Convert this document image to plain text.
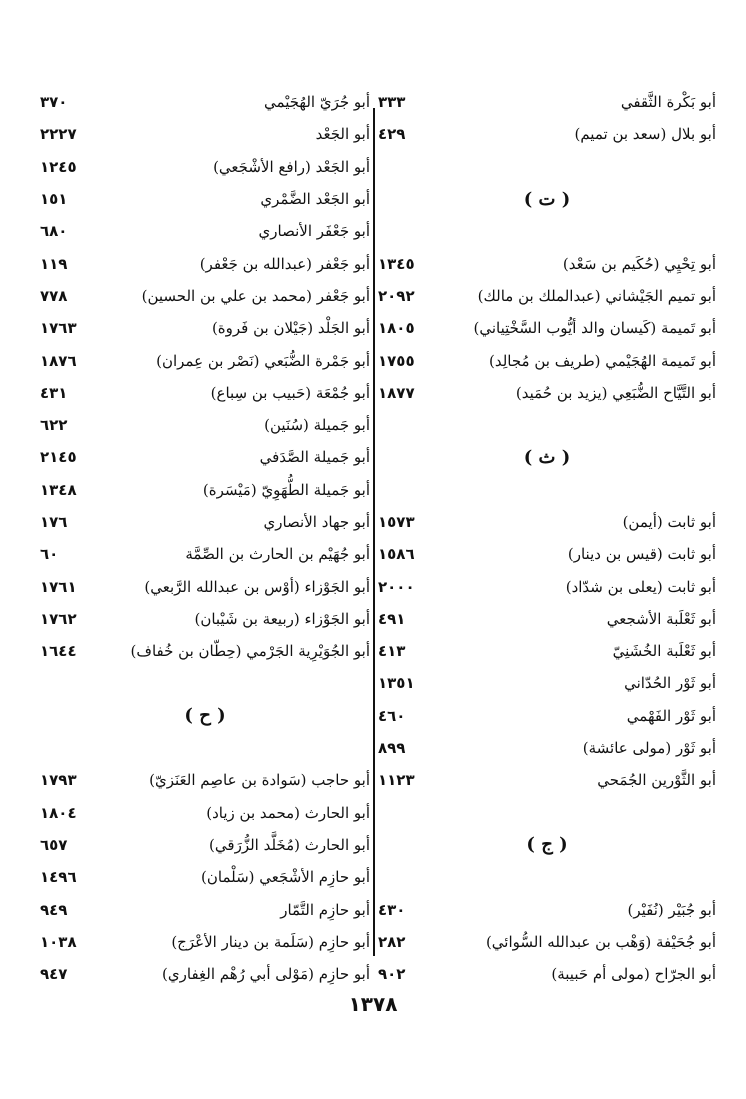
أبو بَكْرة الثَّقفي
٣٣٣
أبو بلال (سعد بن تميم)
٤٢٩
( ت )
أبو تِحْيِي (حُكَيم بن سَعْد)
١٣٤٥
أبو تميم الجَيْشاني (عبدالملك بن مالك)
٢٠٩٢
أبو تَميمة (كَيسان والد أيُّوب السَّخْتِياني)
١٨٠٥
أبو تَميمة الهُجَيْمي (طريف بن مُجالِد)
١٧٥٥
أبو التَّيَّاح الضُّبَعِي (يزيد بن حُمَيد)
١٨٧٧
( ث )
أبو ثابت (أيمن)
١٥٧٣
أبو ثابت (قيس بن دينار)
١٥٨٦
أبو ثابت (يعلى بن شدّاد)
٢٠٠٠
أبو ثَعْلَبة الأشجعي
٤٩١
أبو ثَعْلَبة الخُشَنِيّ
٤١٣
أبو ثَوْر الحُدّاني
١٣٥١
أبو ثَوْر الفَهْمي
٤٦٠
أبو ثَوْر (مولى عائشة)
٨٩٩
أبو الثَّوْرين الجُمَحي
١١٢٣
( ج )
أبو جُبَيْر (نُفَيْر)
٤٣٠
أبو جُحَيْفة (وَهْب بن عبدالله السُّوائي)
٢٨٢
أبو الجرّاح (مولى أم حَبيبة)
٩٠٢
أبو جُرَيّ الهُجَيْمي
٣٧٠
أبو الجَعْد
٢٢٢٧
أبو الجَعْد (رافع الأشْجَعي)
١٢٤٥
أبو الجَعْد الضَّمْري
١٥١
أبو جَعْفَر الأنصاري
٦٨٠
أبو جَعْفر (عبدالله بن جَعْفر)
١١٩
أبو جَعْفر (محمد بن علي بن الحسين)
٧٧٨
أبو الجَلْد (جَيْلان بن فَروة)
١٧٦٣
أبو جَمْرة الضُّبَعي (نَصْر بن عِمران)
١٨٧٦
أبو جُمْعَة (حَبيب بن سِباع)
٤٣١
أبو جَميلة (سُنَين)
٦٢٢
أبو جَميلة الصَّدَفي
٢١٤٥
أبو جَميلة الطُّهَوِيّ (مَيْسَرة)
١٣٤٨
أبو جهاد الأنصاري
١٧٦
أبو جُهَيْم بن الحارث بن الصِّمَّة
٦٠
أبو الجَوْزاء (أوْس بن عبدالله الرَّبعي)
١٧٦١
أبو الجَوْزاء (ربيعة بن شَيْبان)
١٧٦٢
أبو الجُوَيْرِية الجَرْمي (حِطّان بن خُفاف)
١٦٤٤
( ح )
أبو حاجب (سَوادة بن عاصِم العَنَزيّ)
١٧٩٣
أبو الحارث (محمد بن زياد)
١٨٠٤
أبو الحارث (مُخَلَّد الزُّرَقي)
٦٥٧
أبو حازِم الأشْجَعي (سَلْمان)
١٤٩٦
أبو حازِم التَّمّار
٩٤٩
أبو حازِم (سَلَمة بن دينار الأعْرَج)
١٠٣٨
أبو حازِم (مَوْلى أبي رُهْم الغِفاري)
٩٤٧
١٣٧٨
